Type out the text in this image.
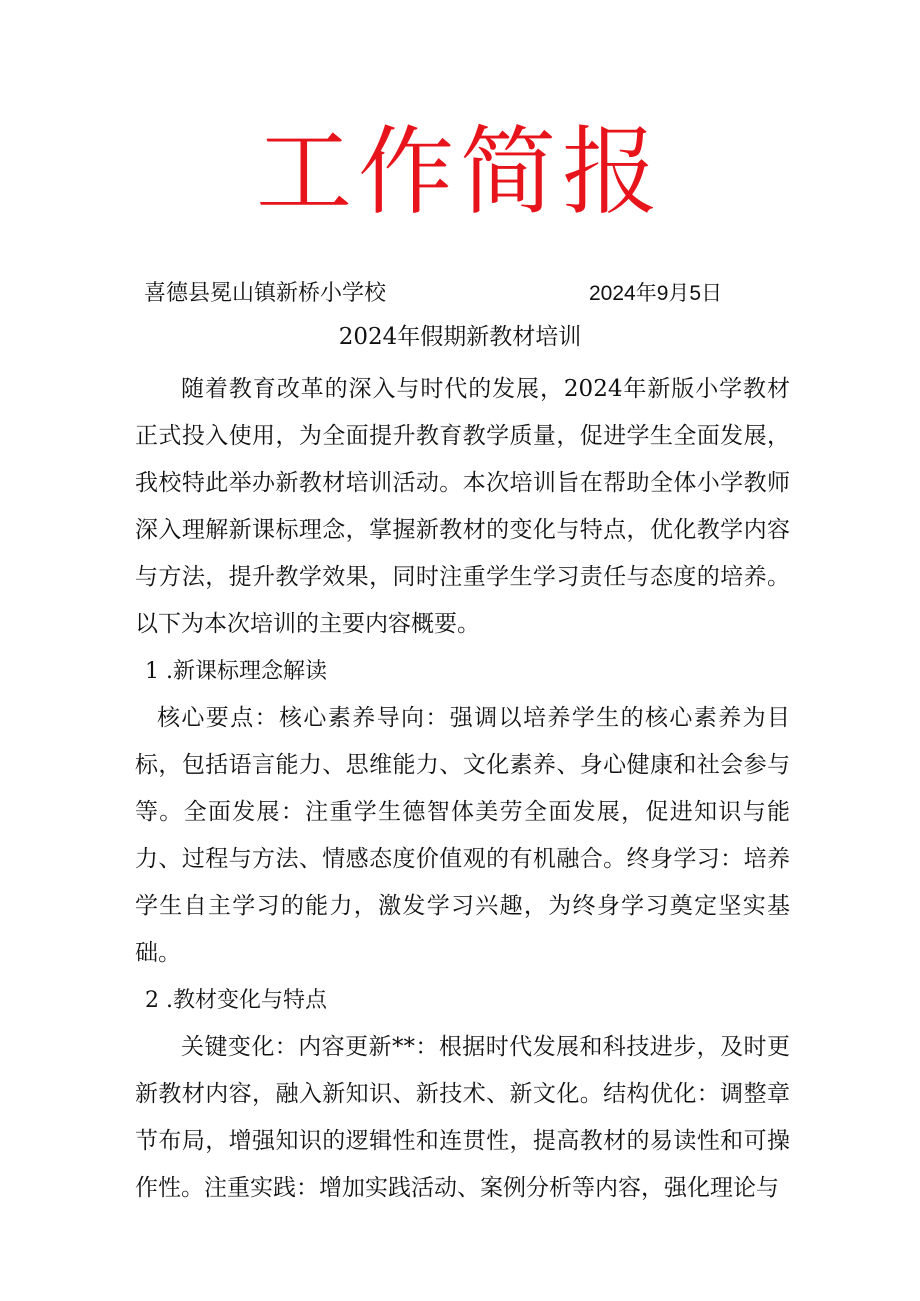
工作简报
喜德县冕山镇新桥小学校	2024年9月5日
2024年假期新教材培训

随着教育改革的深入与时代的发展，2024年新版小学教材正式投入使用，为全面提升教育教学质量，促进学生全面发展，我校特此举办新教材培训活动。本次培训旨在帮助全体小学教师深入理解新课标理念，掌握新教材的变化与特点，优化教学内容与方法，提升教学效果，同时注重学生学习责任与态度的培养。以下为本次培训的主要内容概要。

1 .新课标理念解读

核心要点：核心素养导向：强调以培养学生的核心素养为目标，包括语言能力、思维能力、文化素养、身心健康和社会参与等。全面发展：注重学生德智体美劳全面发展，促进知识与能力、过程与方法、情感态度价值观的有机融合。终身学习：培养学生自主学习的能力，激发学习兴趣，为终身学习奠定坚实基础。

2 .教材变化与特点

关键变化：内容更新**：根据时代发展和科技进步，及时更新教材内容，融入新知识、新技术、新文化。结构优化：调整章节布局，增强知识的逻辑性和连贯性，提高教材的易读性和可操作性。注重实践：增加实践活动、案例分析等内容，强化理论与
